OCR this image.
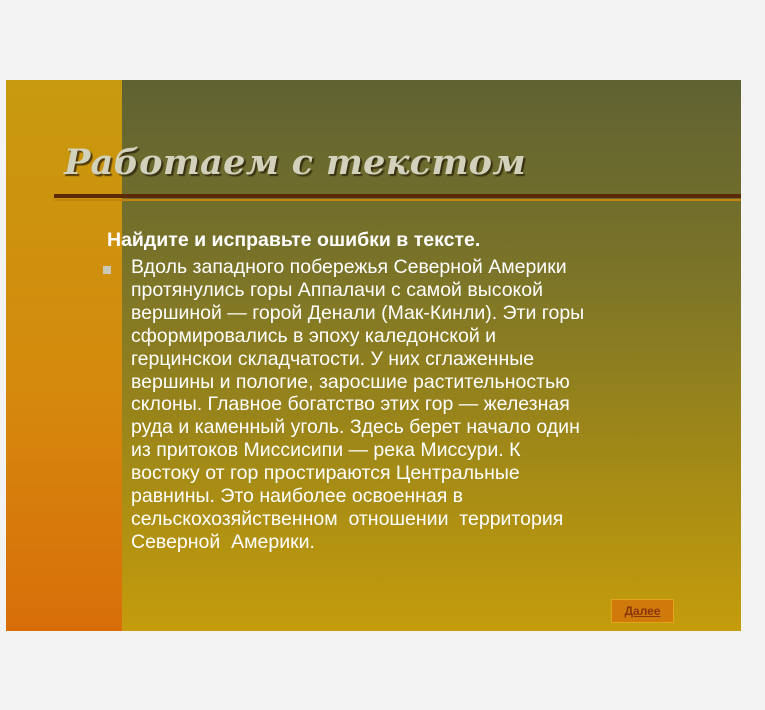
Работаем с текстом

Найдите и исправьте ошибки в тексте.

Вдоль западного побережья Северной Америки
протянулись горы Аппалачи с самой высокой
вершиной — горой Денали (Мак-Кинли). Эти горы
сформировались в эпоху каледонской и
герцинскои складчатости. У них сглаженные
вершины и пологие, заросшие растительностью
склоны. Главное богатство этих гор — железная
руда и каменный уголь. Здесь берет начало один
из притоков Миссисипи — река Миссури. К
востоку от гор простираются Центральные
равнины. Это наиболее освоенная в
сельскохозяйственном  отношении  территория
Северной  Америки.

Далее
